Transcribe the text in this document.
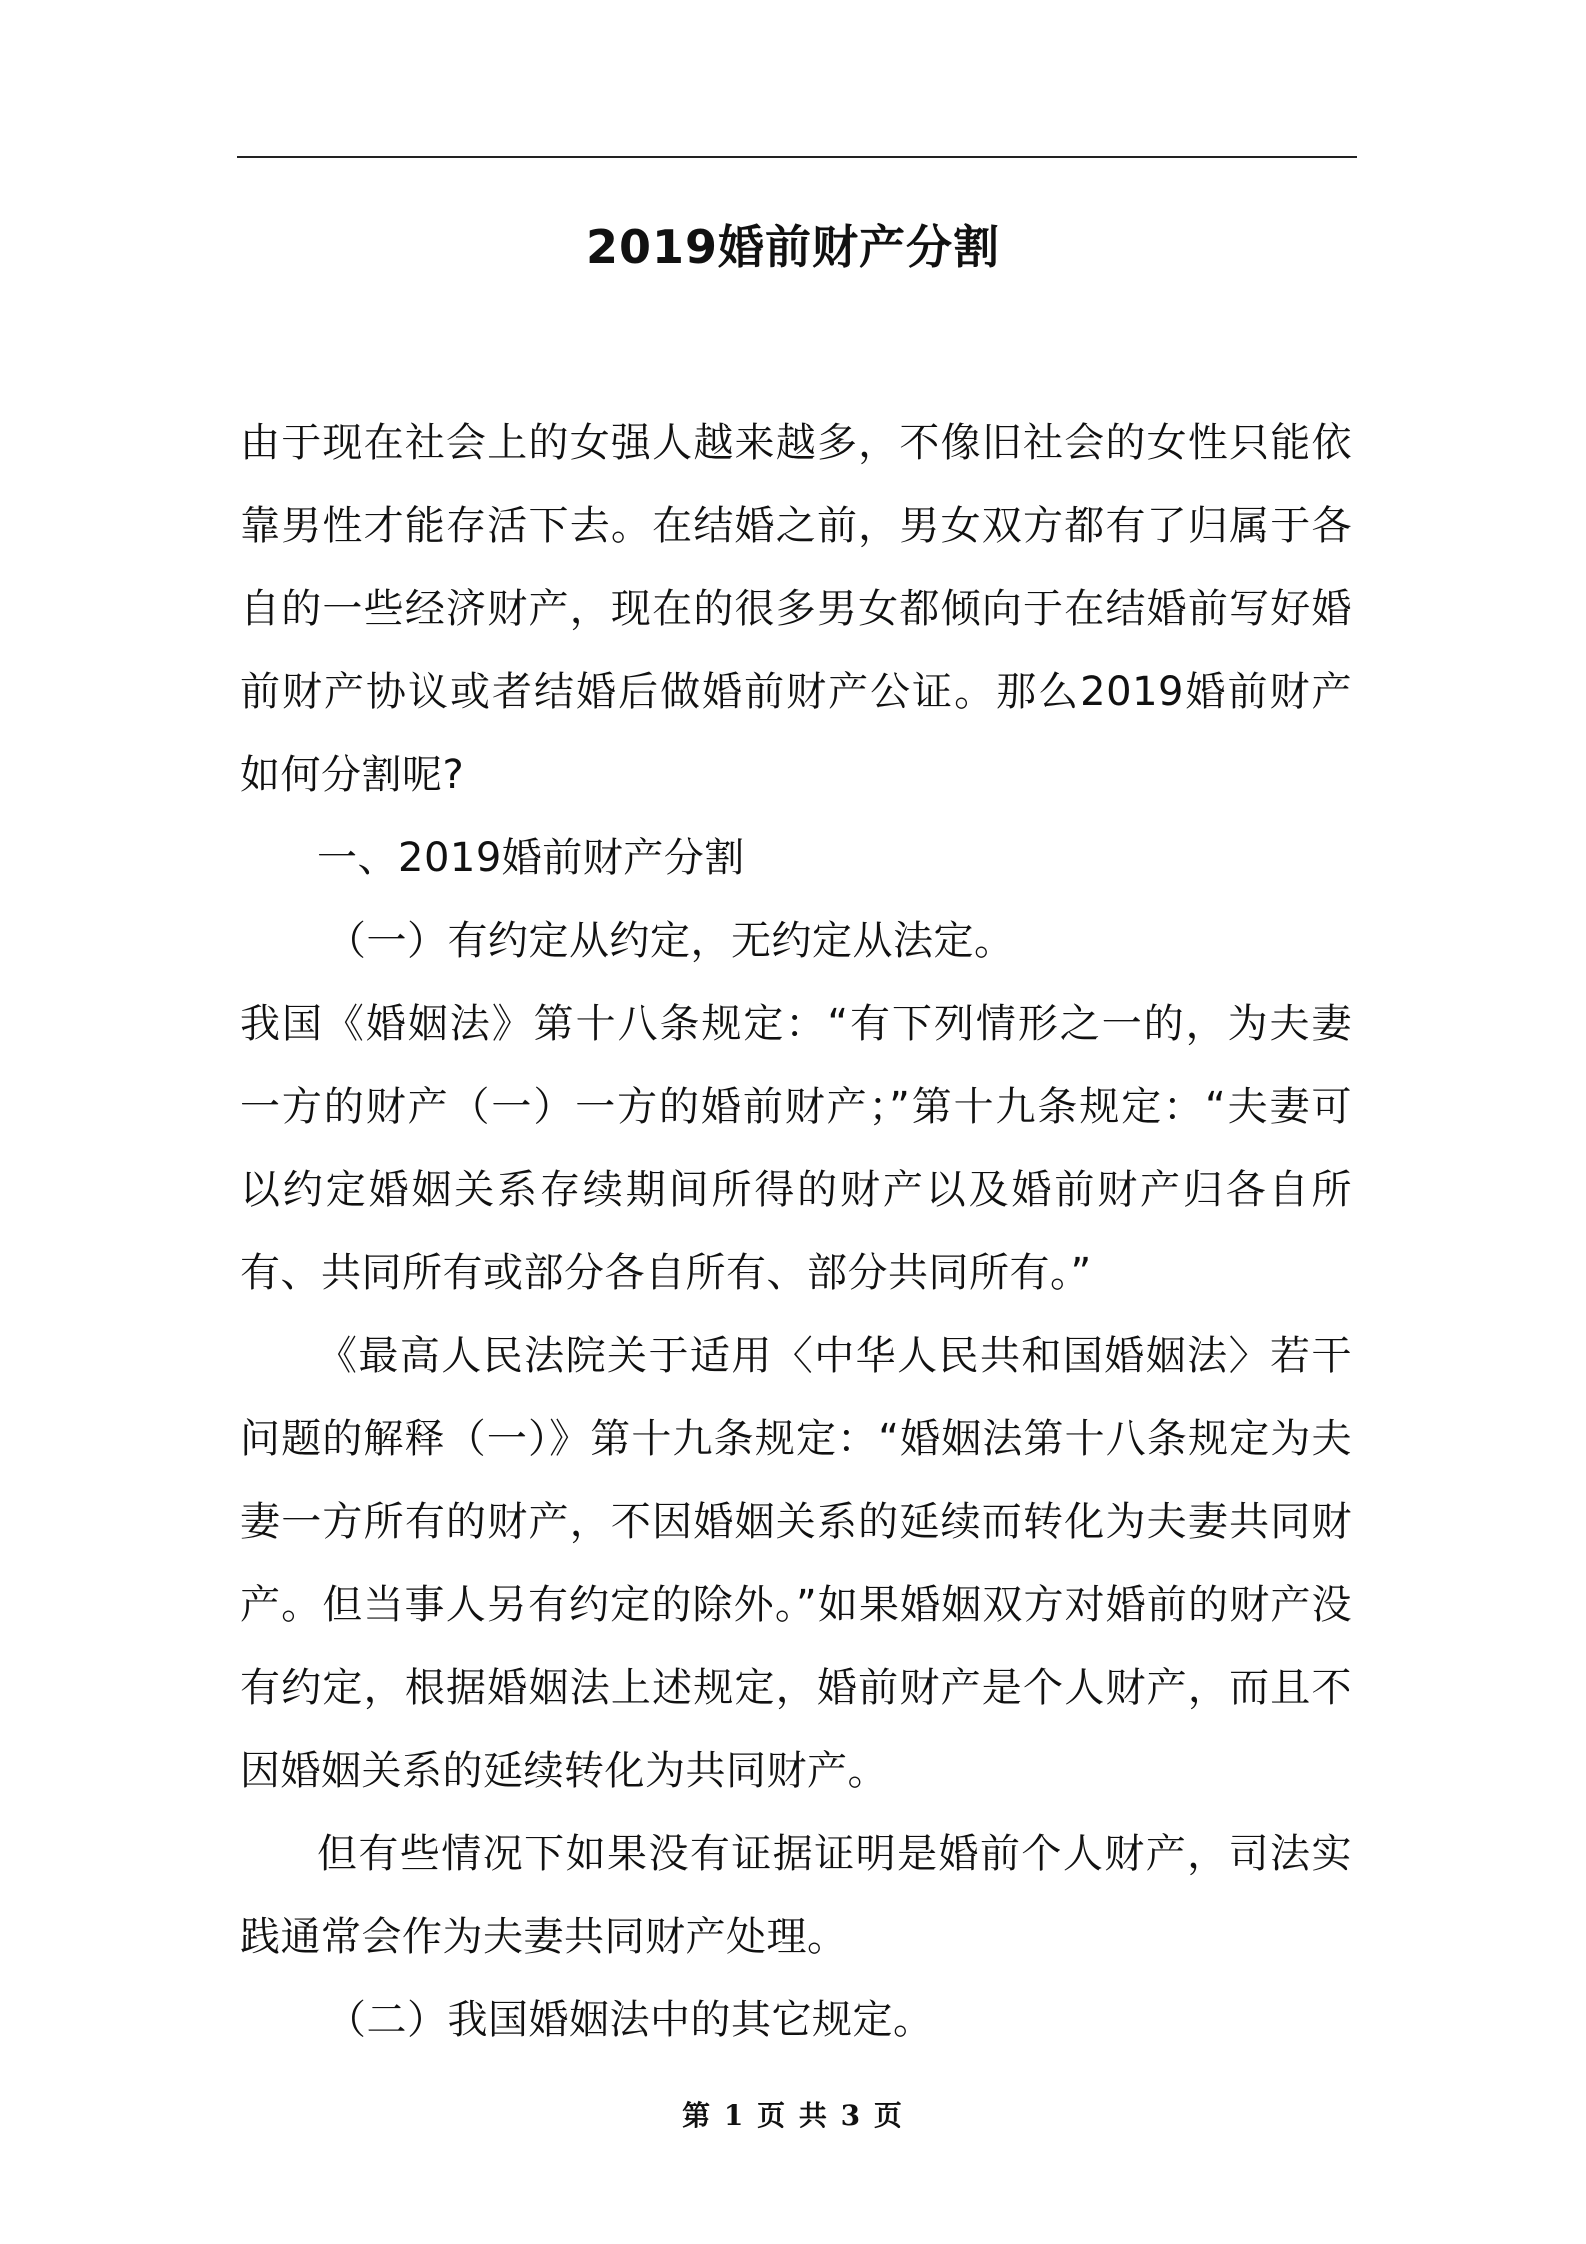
2019婚前财产分割

由于现在社会上的女强人越来越多，不像旧社会的女性只能依靠男性才能存活下去。在结婚之前，男女双方都有了归属于各自的一些经济财产，现在的很多男女都倾向于在结婚前写好婚前财产协议或者结婚后做婚前财产公证。那么2019婚前财产如何分割呢?

一、2019婚前财产分割

（一）有约定从约定，无约定从法定。

我国《婚姻法》第十八条规定：“有下列情形之一的，为夫妻一方的财产（一）一方的婚前财产；”第十九条规定：“夫妻可以约定婚姻关系存续期间所得的财产以及婚前财产归各自所有、共同所有或部分各自所有、部分共同所有。”

《最高人民法院关于适用〈中华人民共和国婚姻法〉若干问题的解释（一）》第十九条规定：“婚姻法第十八条规定为夫妻一方所有的财产，不因婚姻关系的延续而转化为夫妻共同财产。但当事人另有约定的除外。”如果婚姻双方对婚前的财产没有约定，根据婚姻法上述规定，婚前财产是个人财产，而且不因婚姻关系的延续转化为共同财产。

但有些情况下如果没有证据证明是婚前个人财产，司法实践通常会作为夫妻共同财产处理。

（二）我国婚姻法中的其它规定。

第 1 页 共 3 页
